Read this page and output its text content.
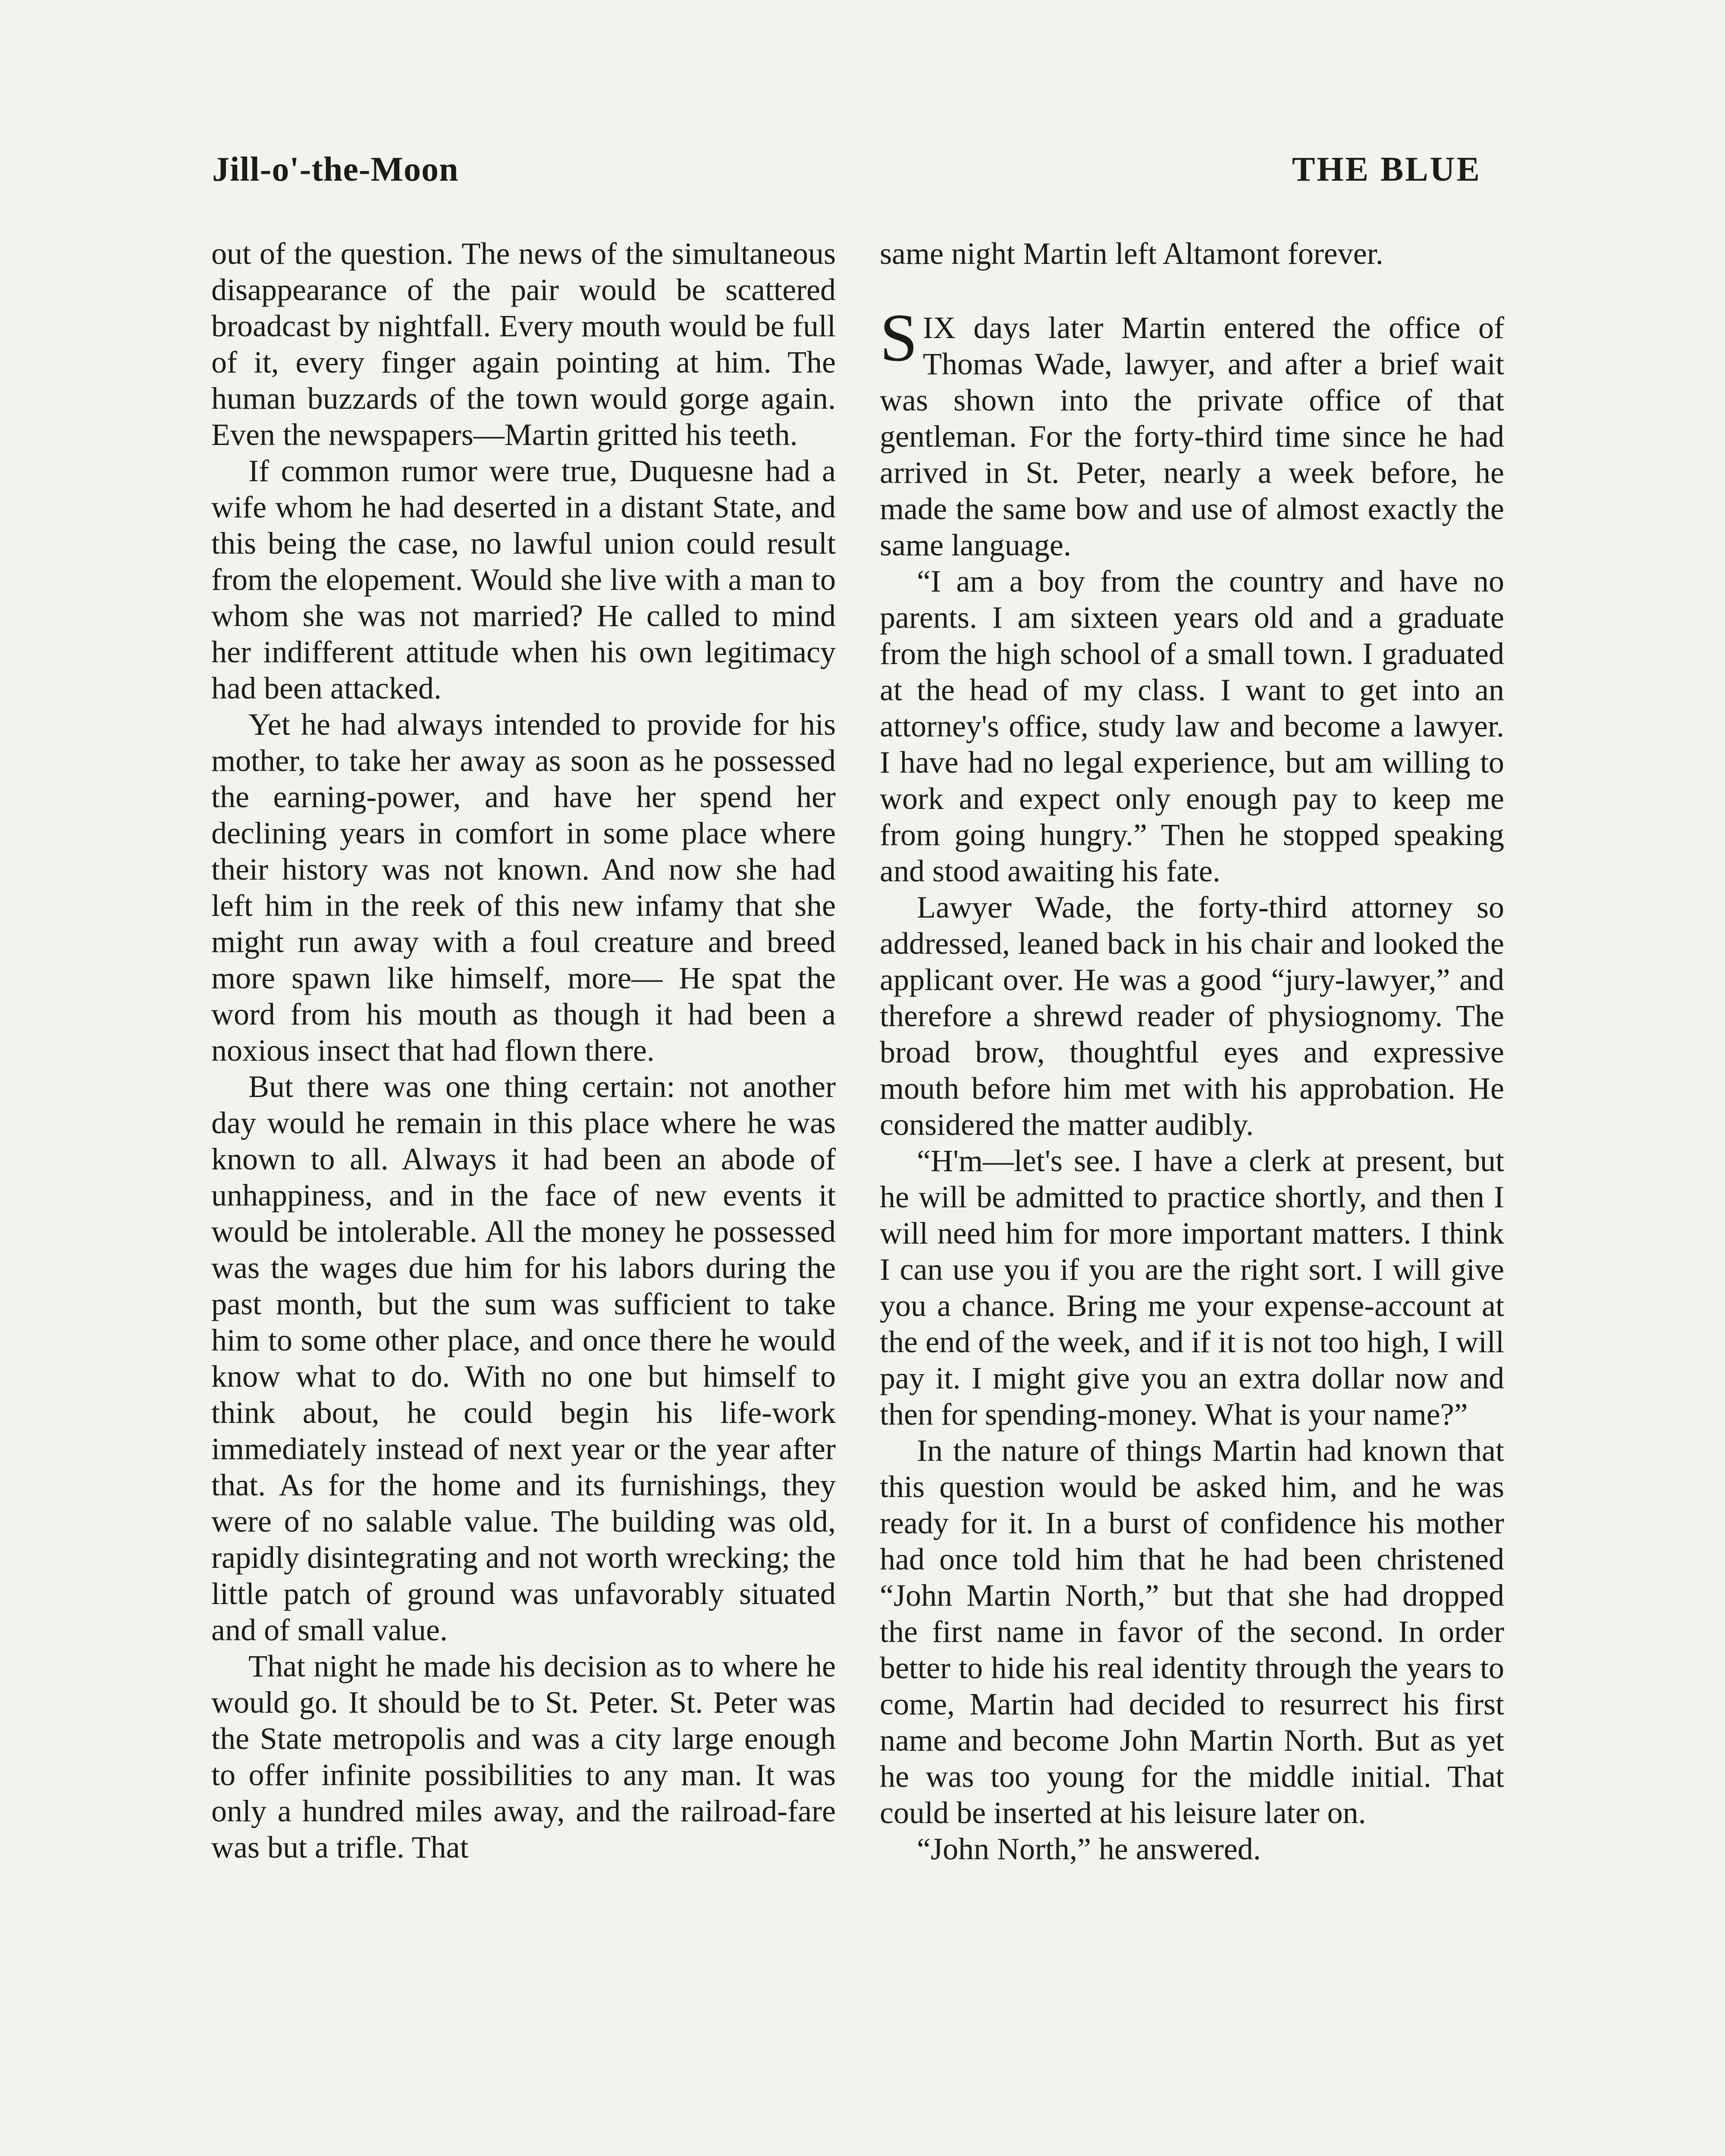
Jill-o'-the-Moon	THE BLUE

out of the question. The news of the simultaneous disappearance of the pair would be scattered broadcast by nightfall. Every mouth would be full of it, every finger again pointing at him. The human buzzards of the town would gorge again. Even the newspapers—Martin gritted his teeth.

If common rumor were true, Duquesne had a wife whom he had deserted in a distant State, and this being the case, no lawful union could result from the elopement. Would she live with a man to whom she was not married? He called to mind her indifferent attitude when his own legitimacy had been attacked.

Yet he had always intended to provide for his mother, to take her away as soon as he possessed the earning-power, and have her spend her declining years in comfort in some place where their history was not known. And now she had left him in the reek of this new infamy that she might run away with a foul creature and breed more spawn like himself, more— He spat the word from his mouth as though it had been a noxious insect that had flown there.

But there was one thing certain: not another day would he remain in this place where he was known to all. Always it had been an abode of unhappiness, and in the face of new events it would be intolerable. All the money he possessed was the wages due him for his labors during the past month, but the sum was sufficient to take him to some other place, and once there he would know what to do. With no one but himself to think about, he could begin his life-work immediately instead of next year or the year after that. As for the home and its furnishings, they were of no salable value. The building was old, rapidly disintegrating and not worth wrecking; the little patch of ground was unfavorably situated and of small value.

That night he made his decision as to where he would go. It should be to St. Peter. St. Peter was the State metropolis and was a city large enough to offer infinite possibilities to any man. It was only a hundred miles away, and the railroad-fare was but a trifle. That

same night Martin left Altamont forever.

SIX days later Martin entered the office of Thomas Wade, lawyer, and after a brief wait was shown into the private office of that gentleman. For the forty-third time since he had arrived in St. Peter, nearly a week before, he made the same bow and use of almost exactly the same language.

“I am a boy from the country and have no parents. I am sixteen years old and a graduate from the high school of a small town. I graduated at the head of my class. I want to get into an attorney's office, study law and become a lawyer. I have had no legal experience, but am willing to work and expect only enough pay to keep me from going hungry.” Then he stopped speaking and stood awaiting his fate.

Lawyer Wade, the forty-third attorney so addressed, leaned back in his chair and looked the applicant over. He was a good “jury-lawyer,” and therefore a shrewd reader of physiognomy. The broad brow, thoughtful eyes and expressive mouth before him met with his approbation. He considered the matter audibly.

“H'm—let's see. I have a clerk at present, but he will be admitted to practice shortly, and then I will need him for more important matters. I think I can use you if you are the right sort. I will give you a chance. Bring me your expense-account at the end of the week, and if it is not too high, I will pay it. I might give you an extra dollar now and then for spending-money. What is your name?”

In the nature of things Martin had known that this question would be asked him, and he was ready for it. In a burst of confidence his mother had once told him that he had been christened “John Martin North,” but that she had dropped the first name in favor of the second. In order better to hide his real identity through the years to come, Martin had decided to resurrect his first name and become John Martin North. But as yet he was too young for the middle initial. That could be inserted at his leisure later on.

“John North,” he answered.
